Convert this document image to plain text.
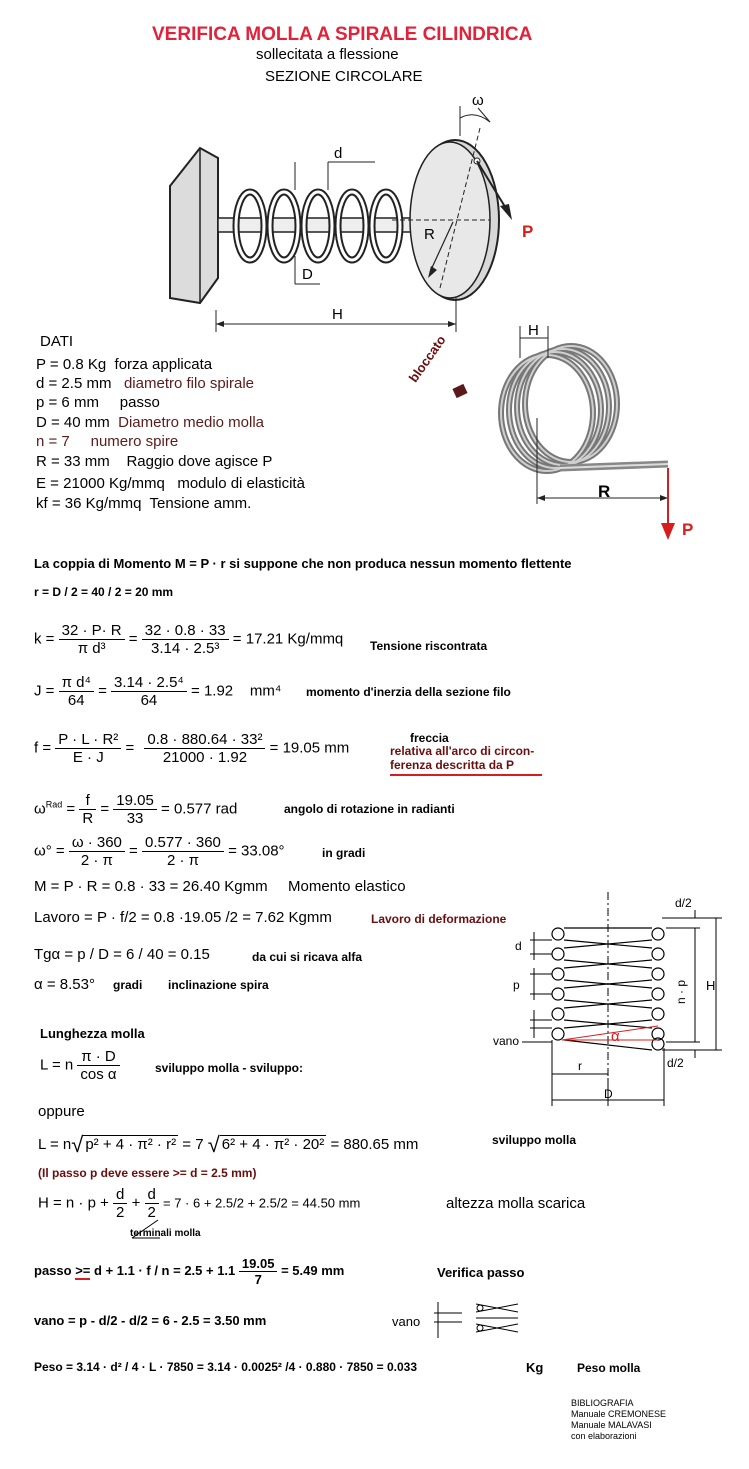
VERIFICA MOLLA A SPIRALE CILINDRICA
sollecitata a flessione
SEZIONE CIRCOLARE
ω
d
R	P
D
H
DATI
P = 0.8 Kg forza applicata
d = 2.5 mm diametro filo spirale
p = 6 mm passo
D = 40 mm Diametro medio molla
n = 7 numero spire
R = 33 mm Raggio dove agisce P
E = 21000 Kg/mmq modulo di elasticità
kf = 36 Kg/mmq Tensione amm.
H
bloccato
R
P
La coppia di Momento M = P · r si suppone che non produca nessun momento flettente
r = D / 2 = 40 / 2 = 20 mm
$k = \frac{32 \cdot P\cdot R}{\text{π d³}} = \frac{32 \cdot 0.8 \cdot 33}{\text{3.14 · 2.5³}} = 17.21$ Kg/mmq Tensione riscontrata
$J = \frac{\text{π d⁴}}{64} = \frac{\text{3.14 · 2.5⁴}}{64} = 1.92$ mm⁴ momento d'inerzia della sezione filo
$f = \frac{\text{P · L · R²}}{E \cdot J} = \frac{\text{0.8 · 880.64 · 33²}}{21000 \cdot 1.92} = 19.05$ mm
freccia
relativa all'arco di circon-
ferenza descritta da P
$\omega^{Rad} = \frac{f}{R} = \frac{19.05}{33} = 0.577$ rad	angolo di rotazione in radianti
$\omega^\circ = \frac{\omega \cdot 360}{2 \cdot \pi} = \frac{0.577 \cdot 360}{2 \cdot \pi} = 33.08^\circ$	in gradi
M = P · R = 0.8 · 33 = 26.40 Kgmm Momento elastico
Lavoro = P · f/2 = 0.8 ·19.05 /2 = 7.62 Kgmm	Lavoro di deformazione
Tgα = p / D = 6 / 40 = 0.15	da cui si ricava alfa
α = 8.53° gradi inclinazione spira
Lunghezza molla
L = n $\frac{\pi \cdot D}{\text{cos α}}$	sviluppo molla - sviluppo:
oppure
L = n√ p² + 4 · π² · r² = 7 √ 6² + 4 · π² · 20² = 880.65 mm	sviluppo molla
(Il passo p deve essere >= d = 2.5 mm)
$H = n \cdot p + \frac{d}{2} + \frac{d}{2} = 7 \cdot 6 + 2.5/2 + 2.5/2 = 44.50$ mm	altezza molla scarica
terminali molla
passo >= $d + 1.1 \cdot f / n = 2.5 + 1.1 \frac{19.05}{7} = 5.49$ mm	Verifica passo
vano = p - d/2 - d/2 = 6 - 2.5 = 3.50 mm
Peso = 3.14 · d² / 4 · L · 7850 = 3.14 · 0.0025² /4 · 0.880 · 7850 = 0.033	Kg	Peso molla
d/2
d
p	n · p H
α
vano
d/2
r
D
vano
BIBLIOGRAFIA
Manuale CREMONESE
Manuale MALAVASI
con elaborazioni
